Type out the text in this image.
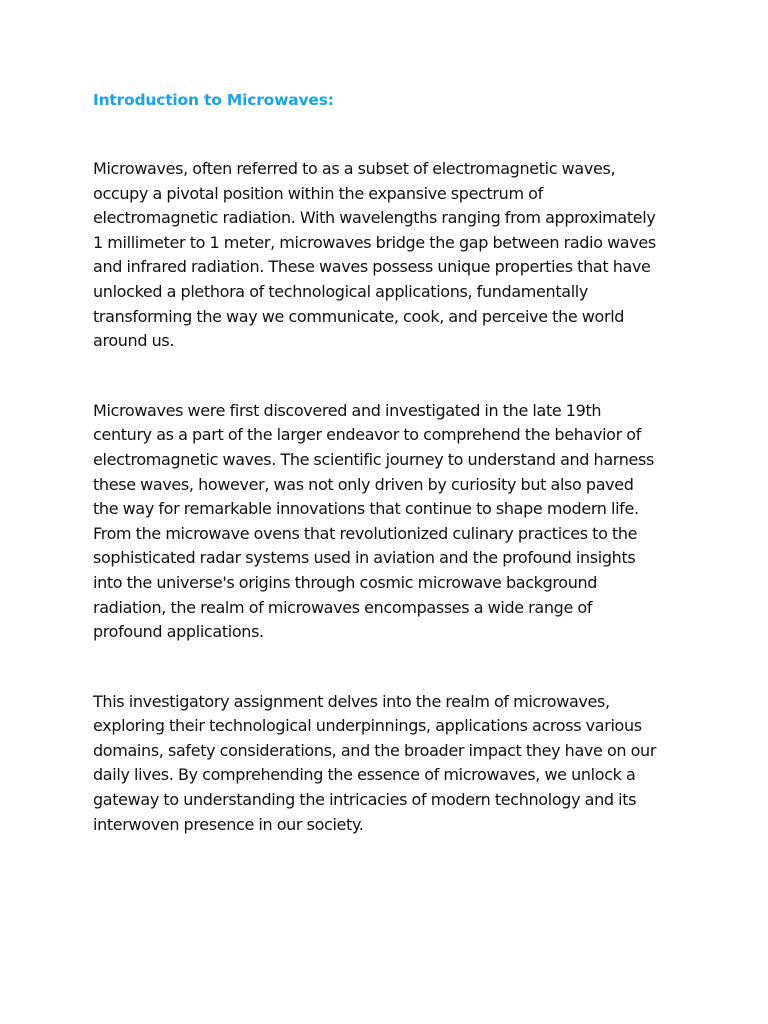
Introduction to Microwaves:

Microwaves, often referred to as a subset of electromagnetic waves,
occupy a pivotal position within the expansive spectrum of
electromagnetic radiation. With wavelengths ranging from approximately
1 millimeter to 1 meter, microwaves bridge the gap between radio waves
and infrared radiation. These waves possess unique properties that have
unlocked a plethora of technological applications, fundamentally
transforming the way we communicate, cook, and perceive the world
around us.

Microwaves were first discovered and investigated in the late 19th
century as a part of the larger endeavor to comprehend the behavior of
electromagnetic waves. The scientific journey to understand and harness
these waves, however, was not only driven by curiosity but also paved
the way for remarkable innovations that continue to shape modern life.
From the microwave ovens that revolutionized culinary practices to the
sophisticated radar systems used in aviation and the profound insights
into the universe's origins through cosmic microwave background
radiation, the realm of microwaves encompasses a wide range of
profound applications.

This investigatory assignment delves into the realm of microwaves,
exploring their technological underpinnings, applications across various
domains, safety considerations, and the broader impact they have on our
daily lives. By comprehending the essence of microwaves, we unlock a
gateway to understanding the intricacies of modern technology and its
interwoven presence in our society.
